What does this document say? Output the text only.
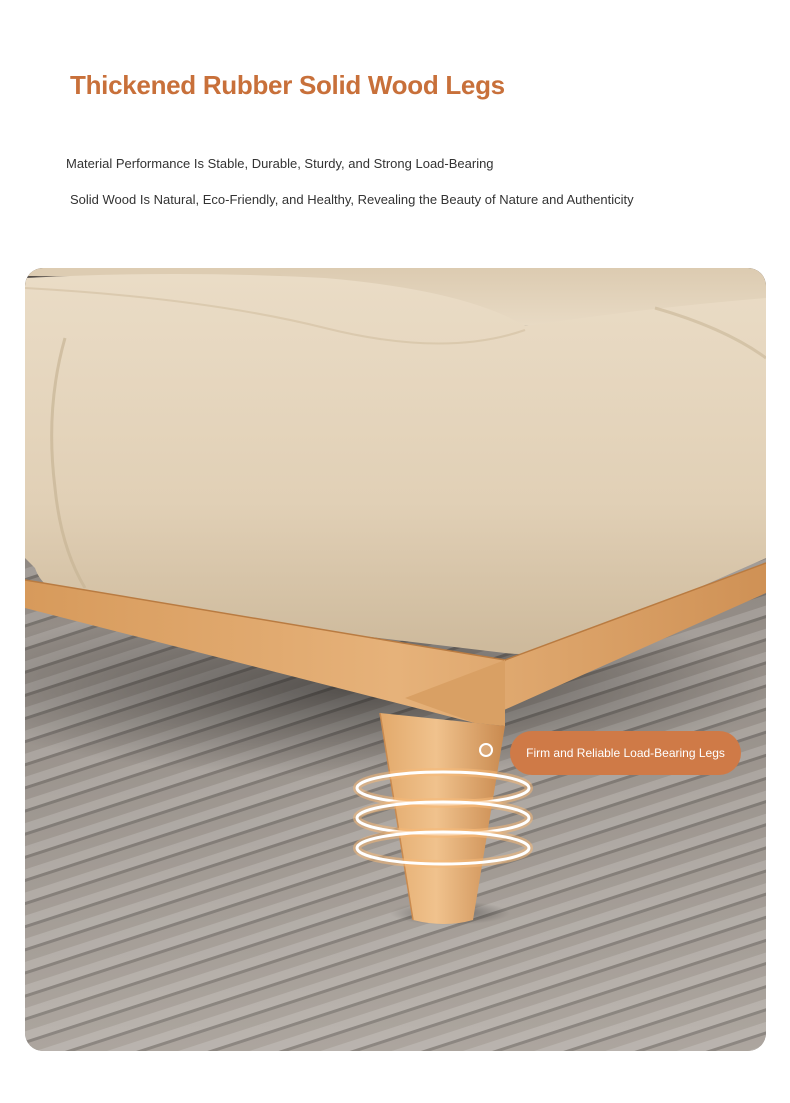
Thickened Rubber Solid Wood Legs

Material Performance Is Stable, Durable, Sturdy, and Strong Load-Bearing

Solid Wood Is Natural, Eco-Friendly, and Healthy, Revealing the Beauty of Nature and Authenticity

Firm and Reliable Load-Bearing Legs
